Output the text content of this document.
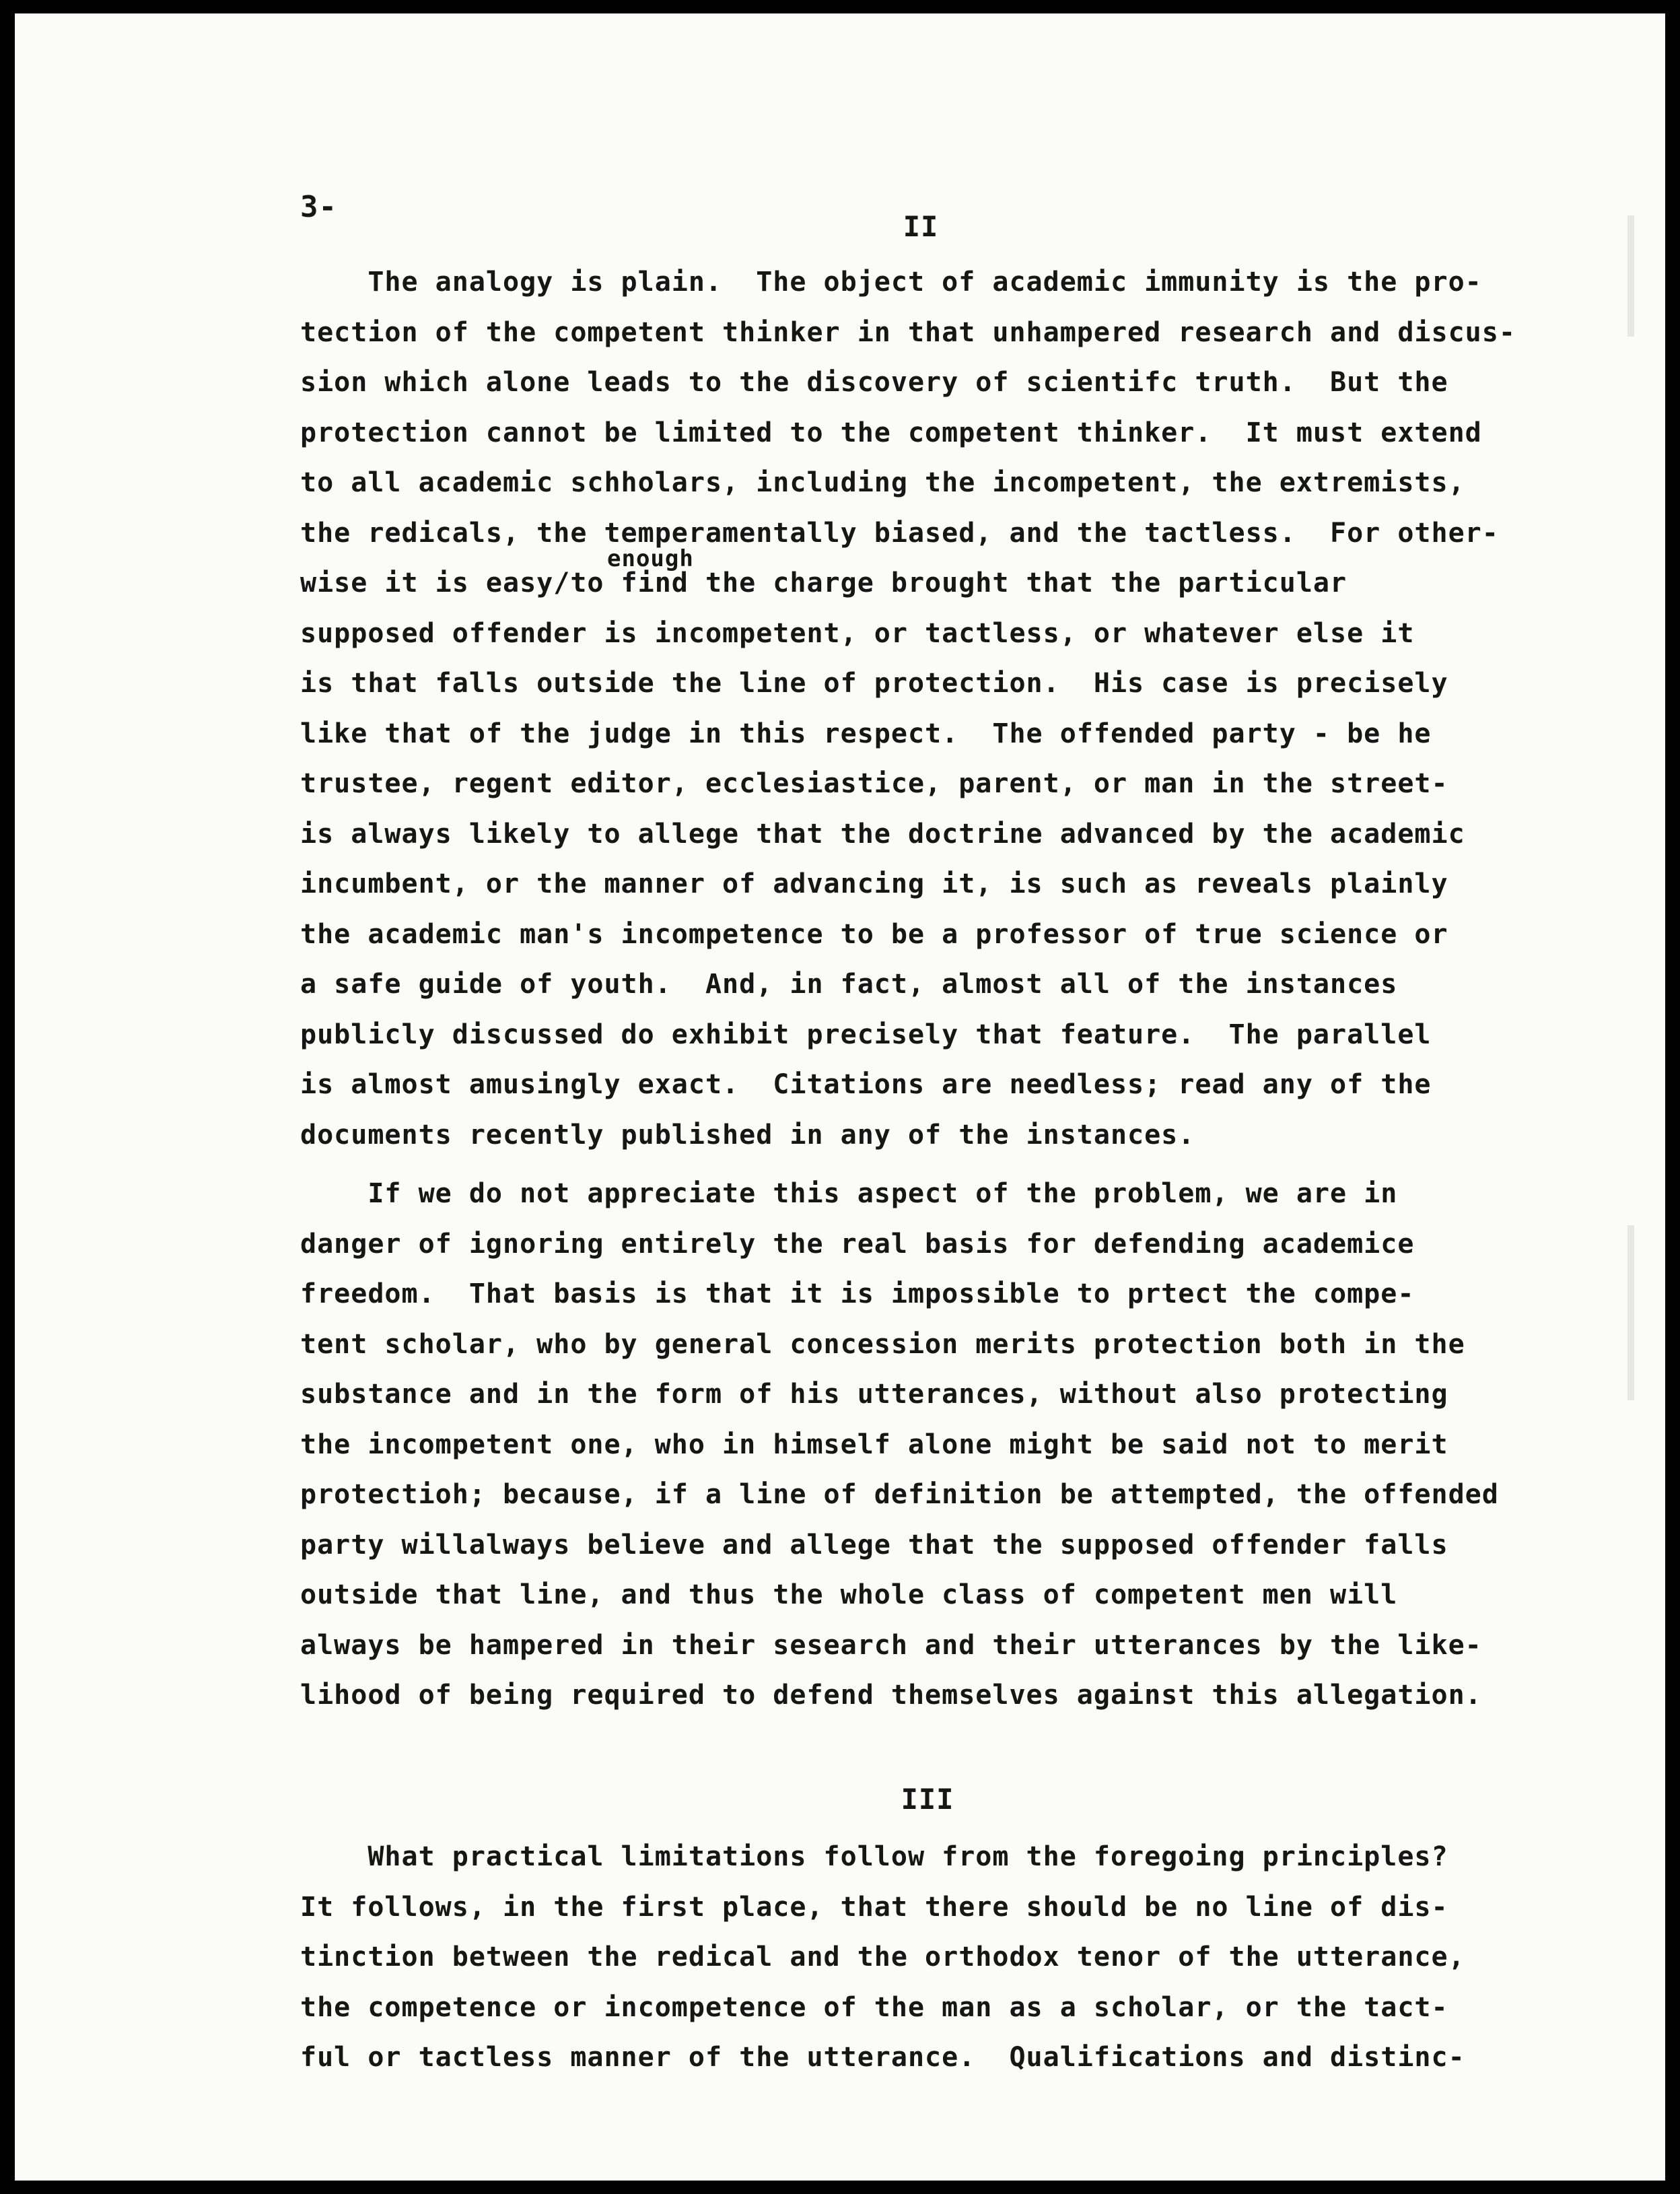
3-
II
enough
The analogy is plain.  The object of academic immunity is the pro-
tection of the competent thinker in that unhampered research and discus-
sion which alone leads to the discovery of scientifc truth.  But the
protection cannot be limited to the competent thinker.  It must extend
to all academic schholars, including the incompetent, the extremists,
the redicals, the temperamentally biased, and the tactless.  For other-
wise it is easy/to find the charge brought that the particular
supposed offender is incompetent, or tactless, or whatever else it
is that falls outside the line of protection.  His case is precisely
like that of the judge in this respect.  The offended party - be he
trustee, regent editor, ecclesiastice, parent, or man in the street-
is always likely to allege that the doctrine advanced by the academic
incumbent, or the manner of advancing it, is such as reveals plainly
the academic man's incompetence to be a professor of true science or
a safe guide of youth.  And, in fact, almost all of the instances
publicly discussed do exhibit precisely that feature.  The parallel
is almost amusingly exact.  Citations are needless; read any of the
documents recently published in any of the instances.
If we do not appreciate this aspect of the problem, we are in
danger of ignoring entirely the real basis for defending academice
freedom.  That basis is that it is impossible to prtect the compe-
tent scholar, who by general concession merits protection both in the
substance and in the form of his utterances, without also protecting
the incompetent one, who in himself alone might be said not to merit
protectioh; because, if a line of definition be attempted, the offended
party willalways believe and allege that the supposed offender falls
outside that line, and thus the whole class of competent men will
always be hampered in their sesearch and their utterances by the like-
lihood of being required to defend themselves against this allegation.
III
What practical limitations follow from the foregoing principles?
It follows, in the first place, that there should be no line of dis-
tinction between the redical and the orthodox tenor of the utterance,
the competence or incompetence of the man as a scholar, or the tact-
ful or tactless manner of the utterance.  Qualifications and distinc-
